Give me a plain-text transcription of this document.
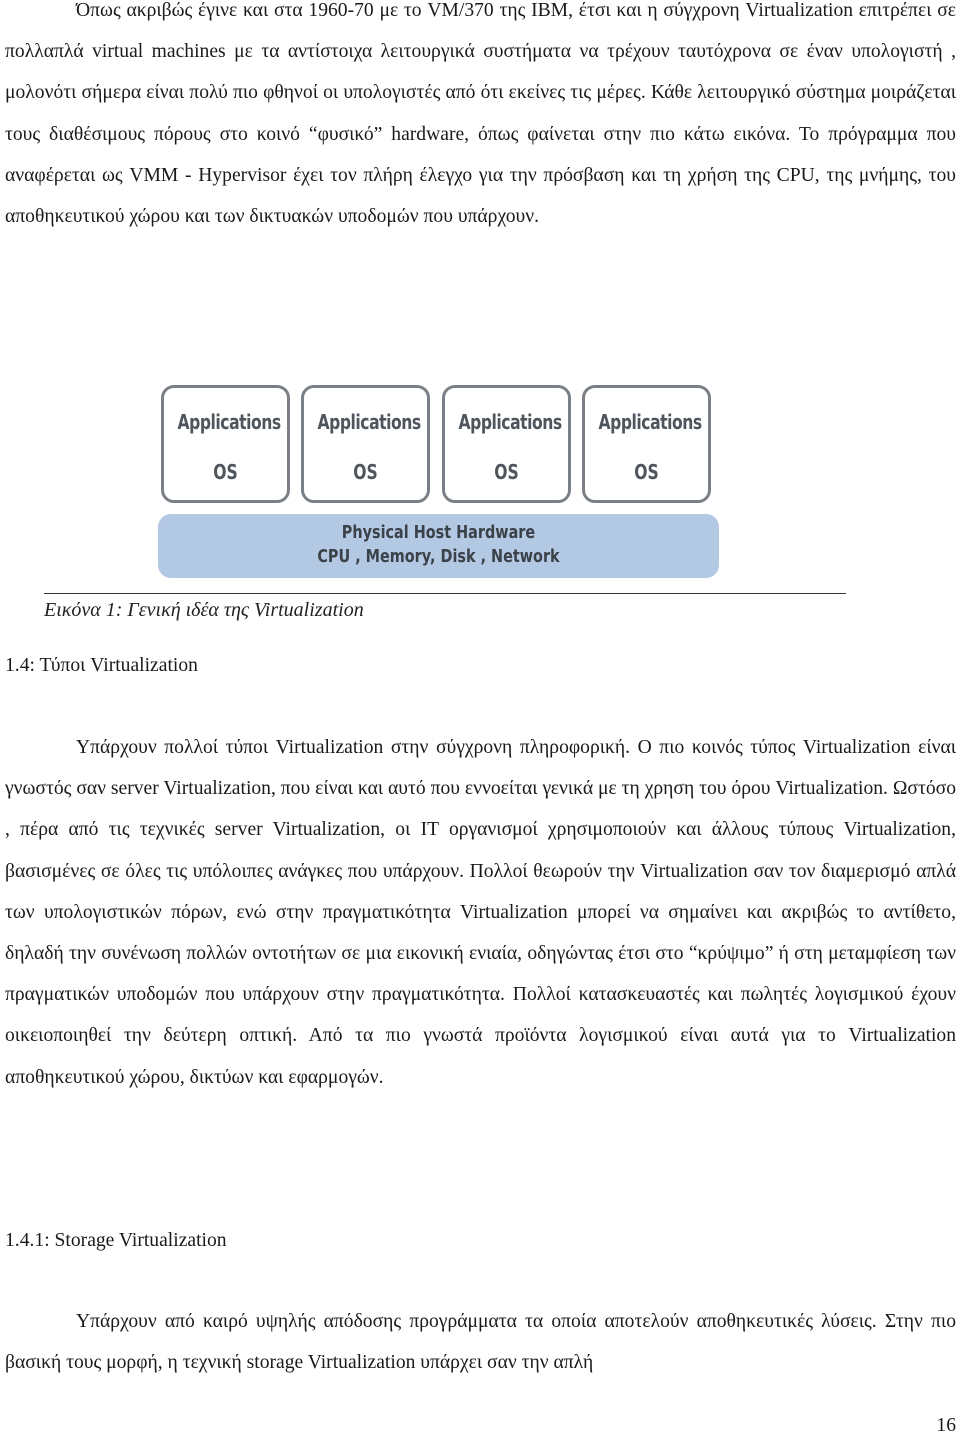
Όπως ακριβώς έγινε και στα 1960-70 με το VM/370 της IBM, έτσι και η σύγχρονη Virtualization επιτρέπει σε πολλαπλά virtual machines με τα αντίστοιχα λειτουργικά συστήματα να τρέχουν ταυτόχρονα σε έναν υπολογιστή , μολονότι σήμερα είναι πολύ πιο φθηνοί οι υπολογιστές από ότι εκείνες τις μέρες. Κάθε λειτουργικό σύστημα μοιράζεται τους διαθέσιμους πόρους στο κοινό “φυσικό” hardware, όπως φαίνεται στην πιο κάτω εικόνα. Το πρόγραμμα που αναφέρεται ως VMM - Hypervisor έχει τον πλήρη έλεγχο για την πρόσβαση και τη χρήση της CPU, της μνήμης, του αποθηκευτικού χώρου και των δικτυακών υποδομών που υπάρχουν.

Applications
OS
Applications
OS
Applications
OS
Applications
OS
Physical Host Hardware
CPU , Memory, Disk , Network

Εικόνα 1: Γενική ιδέα της Virtualization

1.4: Τύποι Virtualization

Υπάρχουν πολλοί τύποι Virtualization στην σύγχρονη πληροφορική. Ο πιο κοινός τύπος Virtualization είναι γνωστός σαν server Virtualization, που είναι και αυτό που εννοείται γενικά με τη χρηση του όρου Virtualization. Ωστόσο , πέρα από τις τεχνικές server Virtualization, οι IT οργανισμοί χρησιμοποιούν και άλλους τύπους Virtualization, βασισμένες σε όλες τις υπόλοιπες ανάγκες που υπάρχουν. Πολλοί θεωρούν την Virtualization σαν τον διαμερισμό απλά των υπολογιστικών πόρων, ενώ στην πραγματικότητα Virtualization μπορεί να σημαίνει και ακριβώς το αντίθετο, δηλαδή την συνένωση πολλών οντοτήτων σε μια εικονική ενιαία, οδηγώντας έτσι στο “κρύψιμο” ή στη μεταμφίεση των πραγματικών υποδομών που υπάρχουν στην πραγματικότητα. Πολλοί κατασκευαστές και πωλητές λογισμικού έχουν οικειοποιηθεί την δεύτερη οπτική. Από τα πιο γνωστά προϊόντα λογισμικού είναι αυτά για το Virtualization αποθηκευτικού χώρου, δικτύων και εφαρμογών.

1.4.1: Storage Virtualization

Υπάρχουν από καιρό υψηλής απόδοσης προγράμματα τα οποία αποτελούν αποθηκευτικές λύσεις. Στην πιο βασική τους μορφή, η τεχνική storage Virtualization υπάρχει σαν την απλή

16
